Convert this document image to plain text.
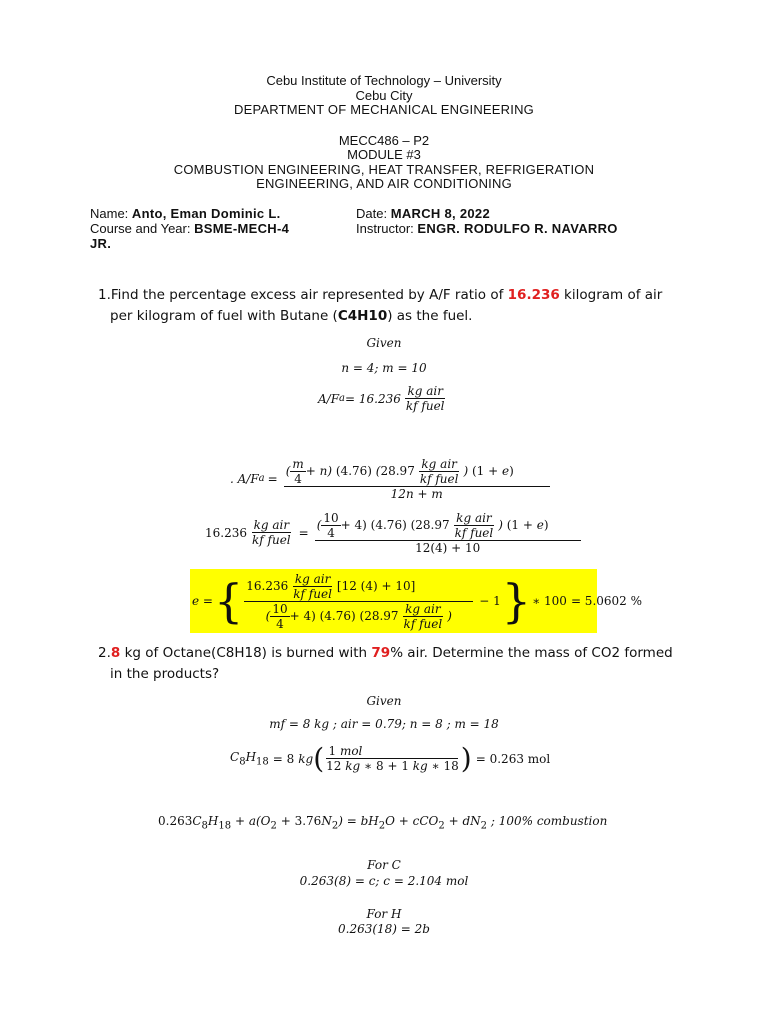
Cebu Institute of Technology – University
Cebu City
DEPARTMENT OF MECHANICAL ENGINEERING
MECC486 – P2
MODULE #3
COMBUSTION ENGINEERING, HEAT TRANSFER, REFRIGERATION
ENGINEERING, AND AIR CONDITIONING
Name: Anto, Eman Dominic L.
Course and Year: BSME-MECH-4
JR.
Date: MARCH 8, 2022
Instructor: ENGR. RODULFO R. NAVARRO
1.Find the percentage excess air represented by A/F ratio of 16.236 kilogram of air
per kilogram of fuel with Butane (C4H10) as the fuel.
Given
n = 4; m = 10
A/F $a = 16.236 \frac{\text{kg air}}{\text{kf fuel}}$
. A/F $a = \frac{( \frac{m}{4} + n) (4.76) (28.97 \frac{\text{kg air}}{\text{kf fuel}} ) (1 + e)}{12n + m}$
$16.236 \frac{\text{kg air}}{\text{kf fuel}} = \frac{( \frac{10}{4} + 4) (4.76) (28.97 \frac{\text{kg air}}{\text{kf fuel}} ) (1 + e)}{12(4) + 10}$
e = { $\frac{16.236 \frac{\text{kg air}}{\text{kf fuel}} [12 (4) + 10]}{( \frac{10}{4} + 4) (4.76) (28.97 \frac{\text{kg air}}{\text{kf fuel}} )} - 1$ } ∗ 100 = 5.0602 %
2.8 kg of Octane(C8H18) is burned with 79% air. Determine the mass of CO2 formed
in the products?
Given
mf = 8 kg ; air = 0.79; n = 8 ; m = 18
$C_8H_{18} = 8$ kg ( $\frac{\text{1 mol}}{12 kg ∗ 8 + 1 kg ∗ 18}$ ) = 0.263 mol
$0.263C_8H_{18} + a(O_2 + 3.76N_2) = bH_2O + cCO_2 + dN_2$ ; 100% combustion
For C
0.263(8) = c; c = 2.104 mol
For H
0.263(18) = 2b
